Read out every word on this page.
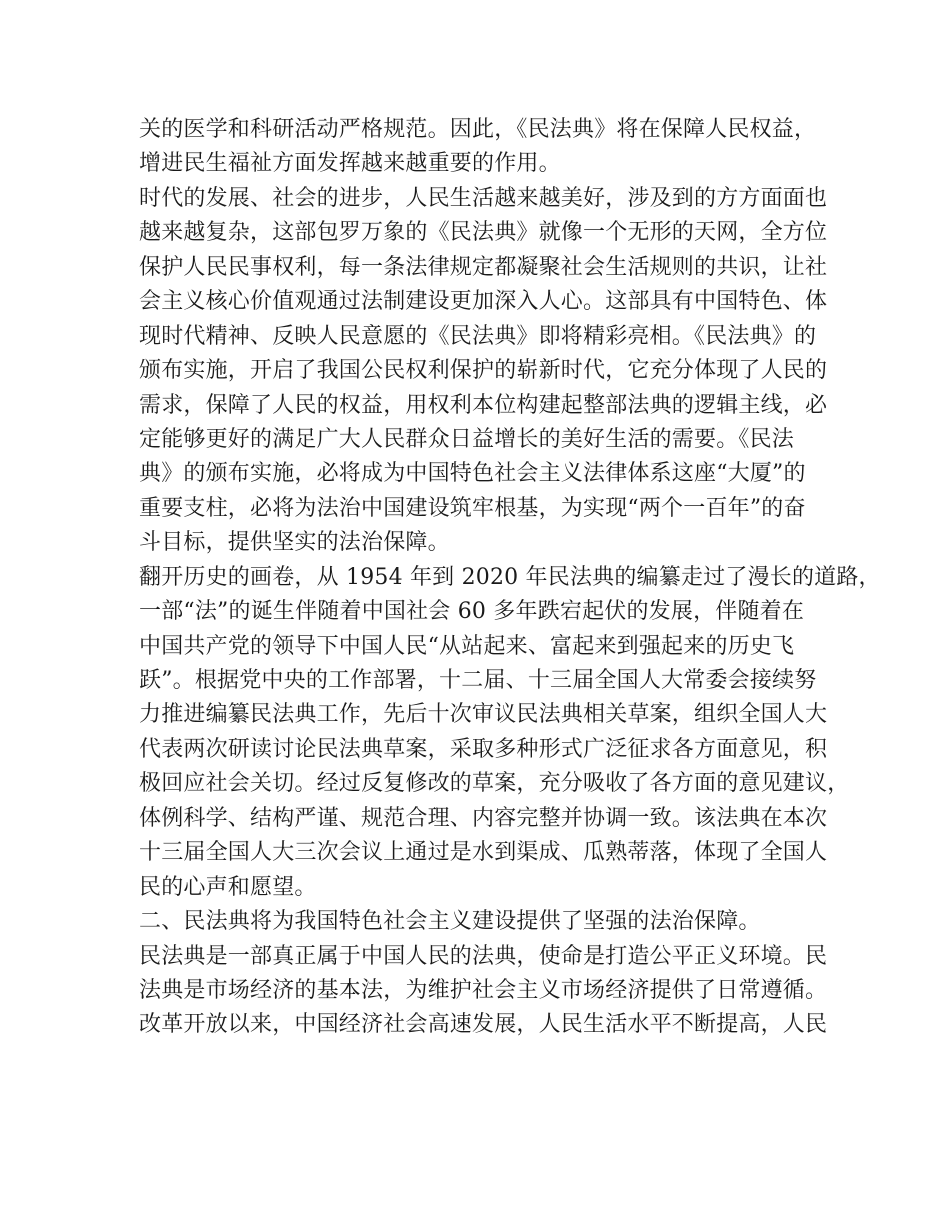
关的医学和科研活动严格规范。因此，《民法典》将在保障人民权益，
增进民生福祉方面发挥越来越重要的作用。
时代的发展、社会的进步，人民生活越来越美好，涉及到的方方面面也
越来越复杂，这部包罗万象的《民法典》就像一个无形的天网，全方位
保护人民民事权利，每一条法律规定都凝聚社会生活规则的共识，让社
会主义核心价值观通过法制建设更加深入人心。这部具有中国特色、体
现时代精神、反映人民意愿的《民法典》即将精彩亮相。《民法典》的
颁布实施，开启了我国公民权利保护的崭新时代，它充分体现了人民的
需求，保障了人民的权益，用权利本位构建起整部法典的逻辑主线，必
定能够更好的满足广大人民群众日益增长的美好生活的需要。《民法
典》的颁布实施，必将成为中国特色社会主义法律体系这座“大厦”的
重要支柱，必将为法治中国建设筑牢根基，为实现“两个一百年”的奋
斗目标，提供坚实的法治保障。
翻开历史的画卷，从 1954 年到 2020 年民法典的编纂走过了漫长的道路，
一部“法”的诞生伴随着中国社会 60 多年跌宕起伏的发展，伴随着在
中国共产党的领导下中国人民“从站起来、富起来到强起来的历史飞
跃”。根据党中央的工作部署，十二届、十三届全国人大常委会接续努
力推进编纂民法典工作，先后十次审议民法典相关草案，组织全国人大
代表两次研读讨论民法典草案，采取多种形式广泛征求各方面意见，积
极回应社会关切。经过反复修改的草案，充分吸收了各方面的意见建议，
体例科学、结构严谨、规范合理、内容完整并协调一致。该法典在本次
十三届全国人大三次会议上通过是水到渠成、瓜熟蒂落，体现了全国人
民的心声和愿望。
二、民法典将为我国特色社会主义建设提供了坚强的法治保障。
民法典是一部真正属于中国人民的法典，使命是打造公平正义环境。民
法典是市场经济的基本法，为维护社会主义市场经济提供了日常遵循。
改革开放以来，中国经济社会高速发展，人民生活水平不断提高，人民
